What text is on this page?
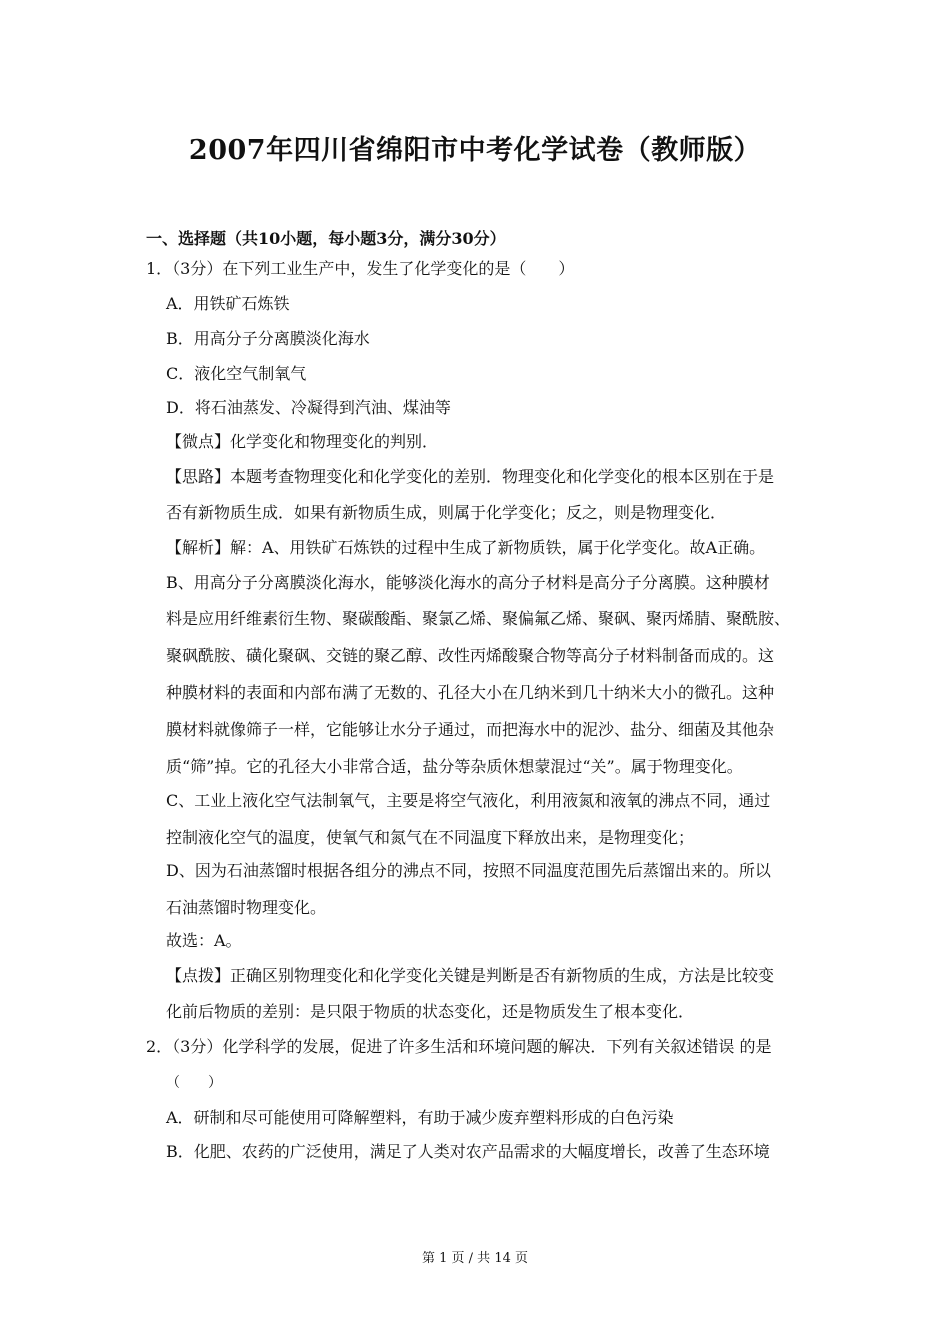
2007年四川省绵阳市中考化学试卷（教师版）
一、选择题（共10小题，每小题3分，满分30分）
1．（3分）在下列工业生产中，发生了化学变化的是（　　）
A．用铁矿石炼铁
B．用高分子分离膜淡化海水
C．液化空气制氧气
D．将石油蒸发、冷凝得到汽油、煤油等
【微点】化学变化和物理变化的判别．
【思路】本题考查物理变化和化学变化的差别．物理变化和化学变化的根本区别在于是
否有新物质生成．如果有新物质生成，则属于化学变化；反之，则是物理变化．
【解析】解：A、用铁矿石炼铁的过程中生成了新物质铁，属于化学变化。故A正确。
B、用高分子分离膜淡化海水，能够淡化海水的高分子材料是高分子分离膜。这种膜材
料是应用纤维素衍生物、聚碳酸酯、聚氯乙烯、聚偏氟乙烯、聚砜、聚丙烯腈、聚酰胺、
聚砜酰胺、磺化聚砜、交链的聚乙醇、改性丙烯酸聚合物等高分子材料制备而成的。这
种膜材料的表面和内部布满了无数的、孔径大小在几纳米到几十纳米大小的微孔。这种
膜材料就像筛子一样，它能够让水分子通过，而把海水中的泥沙、盐分、细菌及其他杂
质“筛”掉。它的孔径大小非常合适，盐分等杂质休想蒙混过“关”。属于物理变化。
C、工业上液化空气法制氧气，主要是将空气液化，利用液氮和液氧的沸点不同，通过
控制液化空气的温度，使氧气和氮气在不同温度下释放出来，是物理变化；
D、因为石油蒸馏时根据各组分的沸点不同，按照不同温度范围先后蒸馏出来的。所以
石油蒸馏时物理变化。
故选：A。
【点拨】正确区别物理变化和化学变化关键是判断是否有新物质的生成，方法是比较变
化前后物质的差别：是只限于物质的状态变化，还是物质发生了根本变化．
2．（3分）化学科学的发展，促进了许多生活和环境问题的解决．下列有关叙述错误 的是
（　　）
A．研制和尽可能使用可降解塑料，有助于减少废弃塑料形成的白色污染
B．化肥、农药的广泛使用，满足了人类对农产品需求的大幅度增长，改善了生态环境
第 1 页 / 共 14 页
